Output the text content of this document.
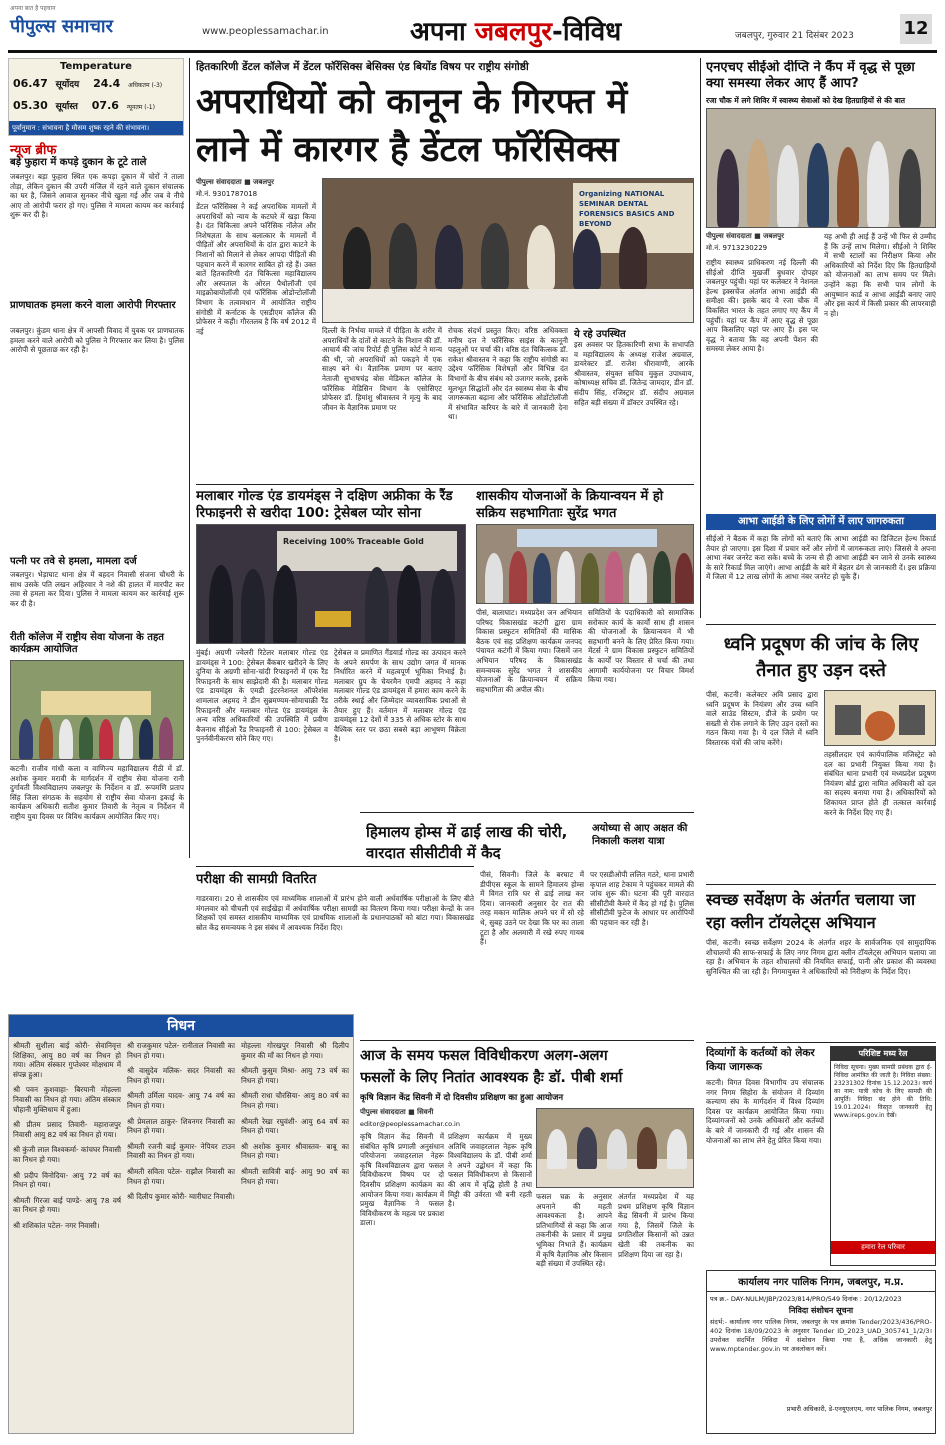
पीपुल्स समाचार
अपना बात है पहचान
www.peoplessamachar.in	अपना जबलपुर-विविध	जबलपुर, गुरुवार 21 दिसंबर 2023	12
Temperature
06.47 सूर्योदय 24.4 अधिकतम (-3)
05.30 सूर्यास्त 07.6 न्यूनतम (-1)
पूर्वानुमान : संभावना है मौसम शुष्क रहने की संभावना।
न्यूज ब्रीफ
बड़े फुहारा में कपड़े दुकान के टूटे ताले
जबलपुर। बड़ा फुहारा स्थित एक कपड़ा दुकान में चोरों ने ताला तोड़ा, लेकिन दुकान की उपरी मंजिल में रहने वाले दुकान संचालक का घर है, जिसने आवाज सुनकर नीचे खुला गई और जब वे नीचे आए तो आरोपी फरार हो गए। पुलिस ने मामला कायम कर कार्रवाई शुरू कर दी है।
प्राणघातक हमला करने वाला आरोपी गिरफ्तार
जबलपुर। कुंडम थाना क्षेत्र में आपसी विवाद में युवक पर प्राणघातक हमला करने वाले आरोपी को पुलिस ने गिरफ्तार कर लिया है। पुलिस आरोपी से पूछताछ कर रही है।
पत्नी पर तवे से हमला, मामला दर्ज
जबलपुर। भेड़ाघाट थाना क्षेत्र में बहदन निवासी संजना चौधरी के साथ उसके पति लखन अहिरवार ने नशे की हालत में मारपीट कर तवा से हमला कर दिया। पुलिस ने मामला कायम कर कार्रवाई शुरू कर दी है।
रीती कॉलेज में राष्ट्रीय सेवा योजना के तहत कार्यक्रम आयोजित
कटनी। राजीव गांधी कला व वाणिज्य महाविद्यालय रीठी में डॉ. अशोक कुमार मरावी के मार्गदर्शन में राष्ट्रीय सेवा योजना रानी दुर्गावती विश्वविद्यालय जबलपुर के निर्देशन व डॉ. रूपमणि प्रताप सिंह जिला संगठक के सहयोग से राष्ट्रीय सेवा योजना इकाई के कार्यक्रम अधिकारी सतीश कुमार तिवारी के नेतृत्व व निर्देशन में राष्ट्रीय युवा दिवस पर विविध कार्यक्रम आयोजित किए गए।
हितकारिणी डेंटल कॉलेज में डेंटल फॉरेंसिक्स बेसिक्स एंड बियोंड विषय पर राष्ट्रीय संगोष्ठी
अपराधियों को कानून के गिरफ्त में
लाने में कारगर है डेंटल फॉरेंसिक्स
पीपुल्स संवाददाता ■ जबलपुर
मो.नं. 9301787018
डेंटल फॉरेंसिक्स ने कई अपराधिक मामलों में अपराधियों को न्याय के कटघरे में खड़ा किया है। दंत चिकित्सा अपने फॉरेंसिक नॉलेज और निशेषज्ञता के साथ बलात्कार के मामलों में पीड़ितों और अपराधियों के दांत द्वारा काटने के निशानों को मिलाने से लेकर आपदा पीड़ितों की पहचान करने में कारगर साबित हो रहे हैं। उक्त बातें हितकारिणी दंत चिकित्सा महाविद्यालय और अस्पताल के ओरल पैथोलॉजी एवं माइक्रोबायोलॉजी एवं फॉरेंसिक ओडोन्टोलॉजी विभाग के तत्वावधान में आयोजित राष्ट्रीय संगोष्ठी में कर्नाटक के एसडीएम कॉलेज की प्रोफेसर ने कही। गौरतलब है कि वर्ष 2012 में नई
Organizing NATIONAL SEMINAR DENTAL FORENSICS BASICS AND BEYOND
दिल्ली के निर्भया मामले में पीड़िता के शरीर में अपराधियों के दांतों से काटने के निशान की डॉ. आचार्य की जांच रिपोर्ट ही पुलिस कोर्ट ने मान्य की थी, जो अपराधियों को पकड़ने में एक साक्ष्य बने थे। वैज्ञानिक प्रमाण पर बताए नेताजी सुभाषचंद्र बोस मेडिकल कॉलेज के फॉरेंसिक मेडिसिन विभाग के एसोसिएट प्रोफेसर डॉ. हिमांशु श्रीवास्तव ने मृत्यु के बाद जीवन के वैज्ञानिक प्रमाण पर
रोचक संदर्भ प्रस्तुत किए। वरिष्ठ अधिवक्ता मनीष दत्त ने फॉरेंसिक साइंस के कानूनी पहलुओं पर चर्चा की। वरिष्ठ दंत चिकित्सक डॉ. राकेश श्रीवास्तव ने कहा कि राष्ट्रीय संगोष्ठी का उद्देश्य फॉरेंसिक विशेषज्ञों और विभिन्न दंत विभागों के बीच संबंध को उजागर करके, इसके मूलभूत सिद्धांतों और दंत स्वास्थ्य सेवा के बीच जागरूकता बढ़ाना और फॉरेंसिक ओडोंटोलॉजी में संभावित करियर के बारे में जानकारी देना था।
ये रहे उपस्थित
इस अवसर पर हितकारिणी सभा के सभापति व महाविद्यालय के अध्यक्ष राजेश अग्रवाल, डायरेक्टर डॉ. राजेश धीरावाणी, आरके श्रीवास्तव, संयुक्त सचिव मुकुल उपाध्याय, कोषाध्यक्ष सचिव डॉ. जितेन्द्र जामदार, डीन डॉ. संदीप सिंह, रजिस्ट्रार डॉ. संदीप अग्रवाल सहित बड़ी संख्या में डॉक्टर उपस्थित रहे।
एनएचए सीईओ दीप्ति ने कैंप में वृद्ध से पूछा क्या समस्या लेकर आए हैं आप?
रजा चौक में लगे शिविर में स्वास्थ्य सेवाओं को देख हितग्राहियों से की बात
पीपुल्स संवाददाता ■ जबलपुर
मो.नं. 9713230229
राष्ट्रीय स्वास्थ्य प्राधिकरण नई दिल्ली की सीईओ दीप्ति मुखर्जी बुधवार दोपहर जबलपुर पहुंची। यहां पर कलेक्टर ने नेशनल हेल्थ इक्सचेंज अंतर्गत आभा आईडी की समीक्षा की। इसके बाद वे रजा चौक में विकसित भारत के तहत लगाए गए कैंप में पहुंचीं। यहां पर कैंप में आए वृद्ध से पूछा आप किसलिए यहां पर आए हैं। इस पर वृद्ध ने बताया कि वह अपनी पेंशन की समस्या लेकर आया है।
यह अभी ही आई हैं उन्हें भी फिर से उम्मीद हैं कि उन्हें लाभ मिलेगा। सीईओ ने शिविर में सभी स्टालों का निरीक्षण किया और अधिकारियों को निर्देश दिए कि हितग्राहियों को योजनाओं का लाभ समय पर मिले। उन्होंने कहा कि सभी पात्र लोगों के आयुष्मान कार्ड व आभा आईडी बनाए जाएं और इस कार्य में किसी प्रकार की लापरवाही न हो।
आभा आईडी के लिए लोगों में लाए जागरुकता
सीईओ ने बैठक में कहा कि लोगों को बताएं कि आभा आईडी का डिजिटल हेल्थ रिकार्ड तैयार हो जाएगा। इस दिशा में प्रचार करें और लोगों में जागरूकता लाएं। जिससे वे अपना आभा नंबर जनरेट करा सके। बच्चे के जन्म से ही आभा आईडी बन जाने से उनके स्वास्थ्य के सारे रिकार्ड मिल जाएंगे। आभा आईडी के बारे में बेहतर ढंग से जानकारी दें। इस प्रक्रिया में जिला में 12 लाख लोगों के आभा नंबर जनरेट हो चुके हैं।
मलाबार गोल्ड एंड डायमंड्स ने दक्षिण अफ्रीका के रैंड रिफाइनरी से खरीदा 100: ट्रेसेबल प्योर सोना
Receiving 100% Traceable Gold
मुंबई। अग्रणी ज्वेलरी रिटेलर मलाबार गोल्ड एंड डायमंड्स ने 100: ट्रेसेबल बैंकबार खरीदने के लिए दुनिया के अग्रणी सोना-चांदी रिफाइनरों में एक रैंड रिफाइनरी के साथ साझेदारी की है। मलाबार गोल्ड एंड डायमंड्स के एमडी इंटरनेशनल ऑपरेशंस शामलाल अहमद ने डीन सुब्रमण्यम-सोमाचाक्री रैंड रिफाइनरी और मलाबार गोल्ड एंड डायमंड्स के अन्य वरिष्ठ अधिकारियों की उपस्थिति में प्रवीण बैजनाथ सीईओ रैंड रिफाइनरी से 100: ट्रेसेबल व पुनर्नवीनीकरण सोने किए गए।
ट्रेसेबल व प्रमाणित गैंडयार्ड गोल्ड का उत्पादन करने के अपने समर्पण के साथ उद्योग जगत में मानक निर्धारित करने में महत्वपूर्ण भूमिका निभाई है। मलाबार ग्रुप के चेयरमैन एमपी अहमद ने कहा मलाबार गोल्ड एंड डायमंड्स में हमारा काम करने के तरीके स्थाई और जिम्मेदार व्यावसायिक प्रथाओं से तैयार हुए हैं। वर्तमान में मलाबार गोल्ड एंड डायमंड्स 12 देशों में 335 से अधिक स्टोर के साथ वैश्विक स्तर पर छठा सबसे बड़ा आभूषण विक्रेता है।
शासकीय योजनाओं के क्रियान्वयन में हो सक्रिय सहभागिताः सुरेंद्र भगत
पीसं, बालाघाट। मध्यप्रदेश जन अभियान परिषद विकासखंड कटंगी द्वारा ग्राम विकास प्रस्फुटन समितियों की मासिक बैठक एवं सह प्रशिक्षण कार्यक्रम जनपद पंचायत कटंगी में किया गया। जिसमें जन अभियान परिषद के विकासखंड समन्वयक सुरेंद्र भगत ने शासकीय योजनाओं के क्रियान्वयन में सक्रिय सहभागिता की अपील की।
समितियों के पदाधिकारी को सामाजिक सरोकार कार्य के कार्यों साथ ही शासन की योजनाओं के क्रियान्वयन में भी सहभागी बनने के लिए प्रेरित किया गया। मेंटर्स ने ग्राम विकास प्रस्फुटन समितियों के कार्यों पर विस्तार से चर्चा की तथा आगामी कार्ययोजना पर विचार विमर्श किया गया।
ध्वनि प्रदूषण की जांच के लिए तैनात हुए उड़न दस्ते
पीसं, कटनी। कलेक्टर अवि प्रसाद द्वारा ध्वनि प्रदूषण के नियंत्रण और उच्च ध्वनि वाले साउंड सिस्टम, डीजे के प्रयोग पर सख्ती से रोक लगाने के लिए उड़न दस्तों का गठन किया गया है। ये दल जिले में ध्वनि विस्तारक यंत्रों की जांच करेंगे।
तहसीलदार एवं कार्यपालिक मजिस्ट्रेट को दल का प्रभारी नियुक्त किया गया है। संबंधित थाना प्रभारी एवं मध्यप्रदेश प्रदूषण नियंत्रण बोर्ड द्वारा नामित अधिकारी को दल का सदस्य बनाया गया है। अधिकारियों को शिकायत प्राप्त होते ही तत्काल कार्रवाई करने के निर्देश दिए गए हैं।
परीक्षा की सामग्री वितरित
गाडरवारा। 20 से शासकीय एवं माध्यमिक शालाओं में प्रारंभ होने वाली अर्धवार्षिक परीक्षाओं के लिए बीते मंगलवार को चीचली एवं साईंखेड़ा में अर्धवार्षिक परीक्षा सामग्री का वितरण किया गया। परीक्षा केन्द्रों के जन शिक्षकों एवं समस्त शासकीय माध्यमिक एवं प्राथमिक शालाओं के प्रधानपाठकों को बांटा गया। विकासखंड स्रोत केंद्र समन्वयक ने इस संबंध में आवश्यक निर्देश दिए।
हिमालय होम्स में ढाई लाख की चोरी, वारदात सीसीटीवी में कैद
पीसं, सिवनी। जिले के बरघाट में डीपीएस स्कूल के सामने हिमालय होम्स में विगत रात्रि घर से ढाई लाख कर दिया। जानकारी अनुसार देर रात की तरह मकान मालिक अपने घर में सो रहे थे, सुबह उठने पर देखा कि घर का ताला टूटा है और अलमारी में रखे रुपए गायब हैं।
पर एसडीओपी ललित गठरे, थाना प्रभारी कृपाल शाह टेकाम ने पहुंचकर मामले की जांच शुरू की। घटना की पूरी वारदात सीसीटीवी कैमरे में कैद हो गई है। पुलिस सीसीटीवी फुटेज के आधार पर आरोपियों की पहचान कर रही है।
अयोध्या से आए अक्षत की निकाली कलश यात्रा
स्वच्छ सर्वेक्षण के अंतर्गत चलाया जा रहा क्लीन टॉयलेट्स अभियान
पीसं, कटनी। स्वच्छ सर्वेक्षण 2024 के अंतर्गत शहर के सार्वजनिक एवं सामुदायिक शौचालयों की साफ-सफाई के लिए नगर निगम द्वारा क्लीन टॉयलेट्स अभियान चलाया जा रहा है। अभियान के तहत शौचालयों की नियमित सफाई, पानी और प्रकाश की व्यवस्था सुनिश्चित की जा रही है। निगमायुक्त ने अधिकारियों को निरीक्षण के निर्देश दिए।
निधन

श्रीमती सुशीला बाई कोरी- सेवानिवृत्त शिक्षिका, आयु 80 वर्ष का निधन हो गया। अंतिम संस्कार गुप्तेश्वर मोक्षधाम में संपन्न हुआ।

श्री पवन कुशवाहा- बिरयानी मोहल्ला निवासी का निधन हो गया। अंतिम संस्कार चौहानी मुक्तिधाम में हुआ।

श्री प्रीतम प्रसाद तिवारी- महाराजपुर निवासी आयु 82 वर्ष का निधन हो गया।

श्री कुंजी लाल विश्वकर्मा- कांचघर निवासी का निधन हो गया।

श्री प्रदीप विनोदिया- आयु 72 वर्ष का निधन हो गया।

श्रीमती गिरजा बाई पाण्डे- आयु 78 वर्ष का निधन हो गया।

श्री शशिकांत पटेल- नगर निवासी।

श्री राजकुमार पटेल- रानीताल निवासी का निधन हो गया।

श्री वासुदेव मलिक- सदर निवासी का निधन हो गया।

श्रीमती उर्मिला यादव- आयु 74 वर्ष का निधन हो गया।

श्री प्रेमलाल ठाकुर- शिवनगर निवासी का निधन हो गया।

श्रीमती रजनी बाई कुमार- नेपियर टाउन निवासी का निधन हो गया।

श्रीमती सविता पटेल- राझौल निवासी का निधन हो गया।

श्री दिलीप कुमार कोरी- ग्वारीघाट निवासी।

मोहल्ला गोरखपुर निवासी श्री दिलीप कुमार की माँ का निधन हो गया।

श्रीमती कुसुम मिश्रा- आयु 73 वर्ष का निधन हो गया।

श्रीमती राधा चौरसिया- आयु 80 वर्ष का निधन हो गया।

श्रीमती रेखा रघुवंशी- आयु 64 वर्ष का निधन हो गया।

श्री अशोक कुमार श्रीवास्तव- बाबू का निधन हो गया।

श्रीमती सावित्री बाई- आयु 90 वर्ष का निधन हो गया।

आज के समय फसल विविधीकरण अलग-अलग
फसलों के लिए नितांत आवश्यक हैः डॉ. पीबी शर्मा
कृषि विज्ञान केंद्र सिवनी में दो दिवसीय प्रशिक्षण का हुआ आयोजन
पीपुल्स संवाददाता ■ सिवनी
editor@peoplessamachar.co.in
कृषि विज्ञान केंद्र सिवनी में संबंधित कृषि प्रणाली अनुसंधान परियोजना जवाहरलाल नेहरू कृषि विश्वविद्यालय द्वारा फसल विविधीकरण विषय पर दो दिवसीय प्रशिक्षण कार्यक्रम का आयोजन किया गया। कार्यक्रम में प्रमुख वैज्ञानिक ने फसल विविधीकरण के महत्व पर प्रकाश डाला।
प्रशिक्षण कार्यक्रम में मुख्य अतिथि जवाहरलाल नेहरू कृषि विश्वविद्यालय के डॉ. पीबी शर्मा ने अपने उद्बोधन में कहा कि फसल विविधीकरण से किसानों की आय में वृद्धि होती है तथा मिट्टी की उर्वरता भी बनी रहती है।
फसल चक्र के अनुसार अपनाने की महती आवश्यकता है। आपने प्रतिभागियों से कहा कि आज तकनीकी के प्रसार में प्रमुख भूमिका निभाते हैं। कार्यक्रम में कृषि वैज्ञानिक और किसान बड़ी संख्या में उपस्थित रहे।
अंतर्गत मध्यप्रदेश में यह प्रथम प्रशिक्षण कृषि विज्ञान केंद्र सिवनी में प्रारंभ किया गया है, जिसमें जिले के प्रगतिशील किसानों को उन्नत खेती की तकनीक का प्रशिक्षण दिया जा रहा है।
दिव्यांगों के कर्तव्यों को लेकर किया जागरूक
कटनी। विगत दिवस विभागीय उप संचालक नगर निगम सिहोरा के संयोजन में दिव्यांग कल्याण संघ के मार्गदर्शन में विश्व दिव्यांग दिवस पर कार्यक्रम आयोजित किया गया। दिव्यांगजनों को उनके अधिकारों और कर्तव्यों के बारे में जानकारी दी गई और शासन की योजनाओं का लाभ लेने हेतु प्रेरित किया गया।
परिशिष्ट मध्य रेल
निविदा सूचना। मुख्य सामग्री प्रबंधक द्वारा ई-निविदा आमंत्रित की जाती है। निविदा संख्या: 23231302 दिनांक 15.12.2023। कार्य का नाम: यात्री कोच के लिए सामग्री की आपूर्ति। निविदा बंद होने की तिथि: 19.01.2024। विस्तृत जानकारी हेतु www.ireps.gov.in देखें।
हमारा रेल परिवार
कार्यालय नगर पालिक निगम, जबलपुर, म.प्र.
पत्र क्र.- DAY-NULM/JBP/2023/814/PRO/549 दिनांक : 20/12/2023
निविदा संशोधन सूचना
संदर्भ:- कार्यालय नगर पालिक निगम, जबलपुर के पत्र क्रमांक Tender/2023/436/PRO-402 दिनांक 18/09/2023 के अनुसार Tender ID_2023_UAD_305741_1/2/3। उपरोक्त संदर्भित निविदा में संशोधन किया गया है, अधिक जानकारी हेतु www.mptender.gov.in पर अवलोकन करें।
प्रभारी अधिकारी, डे-एनयूएलएम, नगर पालिक निगम, जबलपुर
